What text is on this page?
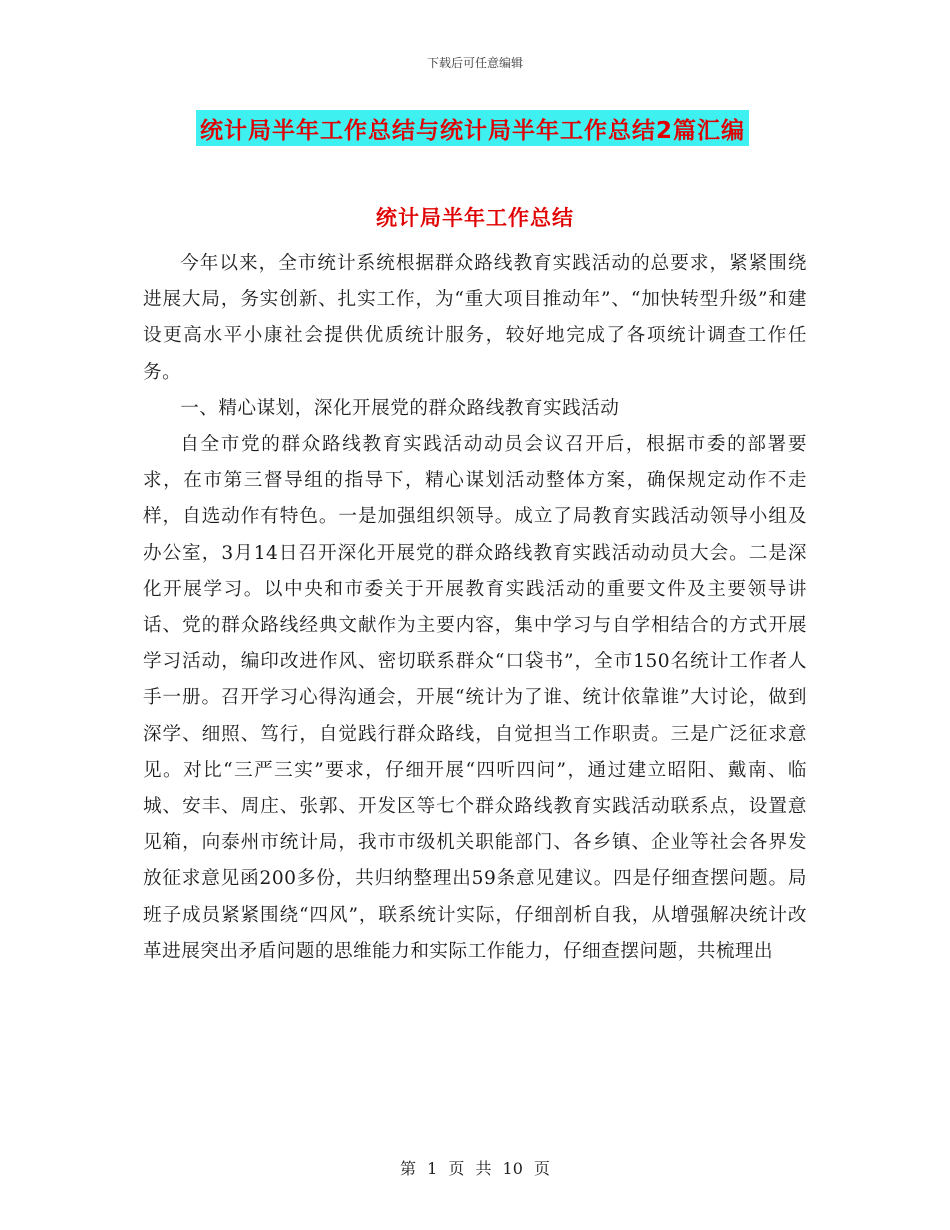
下载后可任意编辑
统计局半年工作总结与统计局半年工作总结2篇汇编
统计局半年工作总结

今年以来，全市统计系统根据群众路线教育实践活动的总要求，紧紧围绕进展大局，务实创新、扎实工作，为“重大项目推动年”、“加快转型升级”和建设更高水平小康社会提供优质统计服务，较好地完成了各项统计调查工作任务。

一、精心谋划，深化开展党的群众路线教育实践活动

自全市党的群众路线教育实践活动动员会议召开后，根据市委的部署要求，在市第三督导组的指导下，精心谋划活动整体方案，确保规定动作不走样，自选动作有特色。一是加强组织领导。成立了局教育实践活动领导小组及办公室，3月14日召开深化开展党的群众路线教育实践活动动员大会。二是深化开展学习。以中央和市委关于开展教育实践活动的重要文件及主要领导讲话、党的群众路线经典文献作为主要内容，集中学习与自学相结合的方式开展学习活动，编印改进作风、密切联系群众“口袋书”，全市150名统计工作者人手一册。召开学习心得沟通会，开展“统计为了谁、统计依靠谁”大讨论，做到深学、细照、笃行，自觉践行群众路线，自觉担当工作职责。三是广泛征求意见。对比“三严三实”要求，仔细开展“四听四问”，通过建立昭阳、戴南、临城、安丰、周庄、张郭、开发区等七个群众路线教育实践活动联系点，设置意见箱，向泰州市统计局，我市市级机关职能部门、各乡镇、企业等社会各界发放征求意见函200多份，共归纳整理出59条意见建议。四是仔细查摆问题。局班子成员紧紧围绕“四风”，联系统计实际，仔细剖析自我，从增强解决统计改革进展突出矛盾问题的思维能力和实际工作能力，仔细查摆问题，共梳理出

第 1 页 共 10 页
